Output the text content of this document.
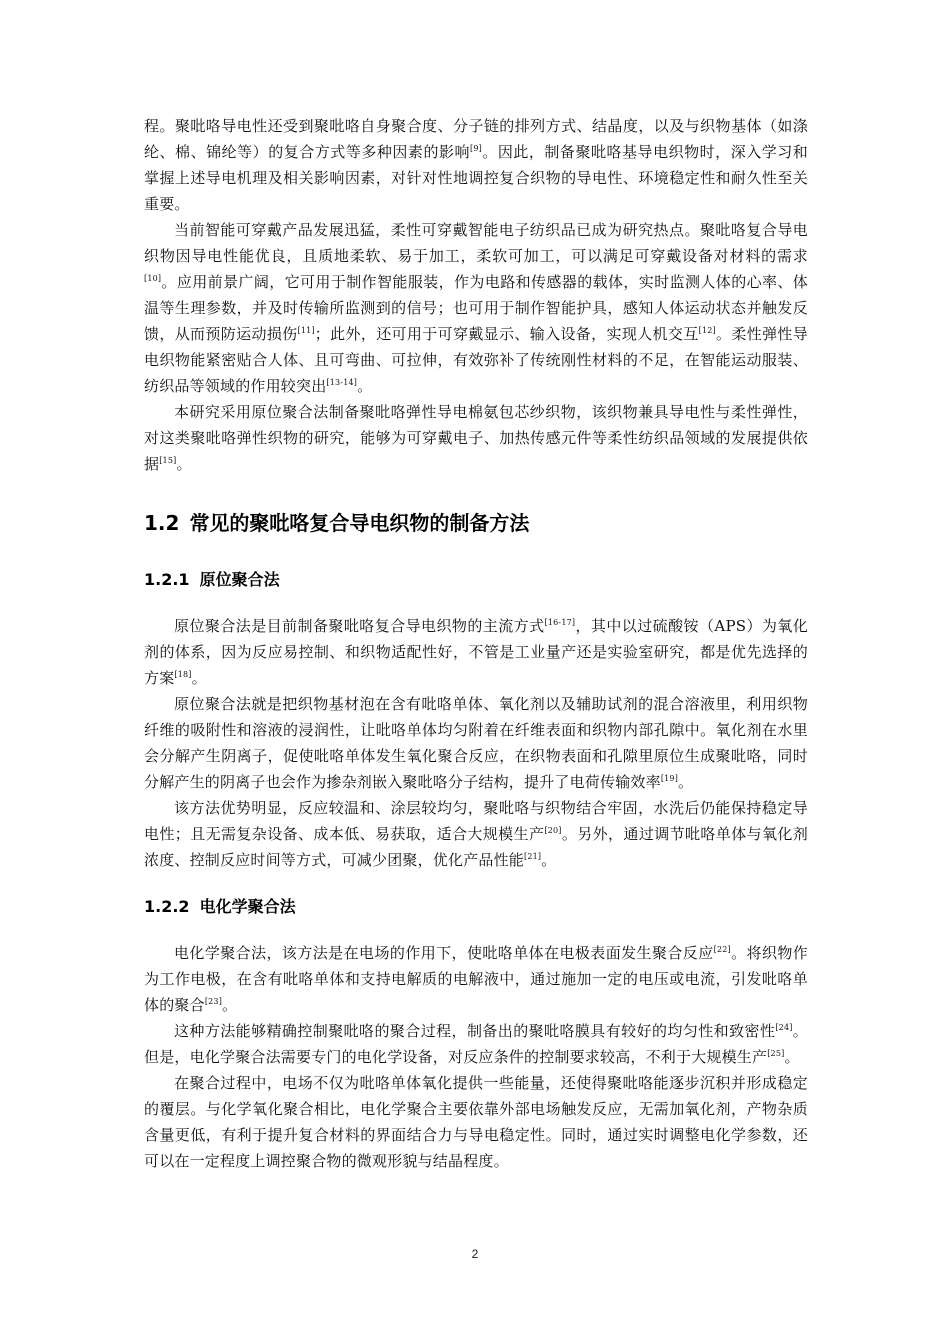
程。聚吡咯导电性还受到聚吡咯自身聚合度、分子链的排列方式、结晶度，以及与织物基体（如涤纶、棉、锦纶等）的复合方式等多种因素的影响[9]。因此，制备聚吡咯基导电织物时，深入学习和掌握上述导电机理及相关影响因素，对针对性地调控复合织物的导电性、环境稳定性和耐久性至关重要。

当前智能可穿戴产品发展迅猛，柔性可穿戴智能电子纺织品已成为研究热点。聚吡咯复合导电织物因导电性能优良，且质地柔软、易于加工，柔软可加工，可以满足可穿戴设备对材料的需求[10]。应用前景广阔，它可用于制作智能服装，作为电路和传感器的载体，实时监测人体的心率、体温等生理参数，并及时传输所监测到的信号；也可用于制作智能护具，感知人体运动状态并触发反馈，从而预防运动损伤[11]；此外，还可用于可穿戴显示、输入设备，实现人机交互[12]。柔性弹性导电织物能紧密贴合人体、且可弯曲、可拉伸，有效弥补了传统刚性材料的不足，在智能运动服装、纺织品等领域的作用较突出[13-14]。

本研究采用原位聚合法制备聚吡咯弹性导电棉氨包芯纱织物，该织物兼具导电性与柔性弹性，对这类聚吡咯弹性织物的研究，能够为可穿戴电子、加热传感元件等柔性纺织品领域的发展提供依据[15]。

1.2 常见的聚吡咯复合导电织物的制备方法
1.2.1 原位聚合法

原位聚合法是目前制备聚吡咯复合导电织物的主流方式[16-17]，其中以过硫酸铵（APS）为氧化剂的体系，因为反应易控制、和织物适配性好，不管是工业量产还是实验室研究，都是优先选择的方案[18]。

原位聚合法就是把织物基材泡在含有吡咯单体、氧化剂以及辅助试剂的混合溶液里，利用织物纤维的吸附性和溶液的浸润性，让吡咯单体均匀附着在纤维表面和织物内部孔隙中。氧化剂在水里会分解产生阴离子，促使吡咯单体发生氧化聚合反应，在织物表面和孔隙里原位生成聚吡咯，同时分解产生的阴离子也会作为掺杂剂嵌入聚吡咯分子结构，提升了电荷传输效率[19]。

该方法优势明显，反应较温和、涂层较均匀，聚吡咯与织物结合牢固，水洗后仍能保持稳定导电性；且无需复杂设备、成本低、易获取，适合大规模生产[20]。另外，通过调节吡咯单体与氧化剂浓度、控制反应时间等方式，可减少团聚，优化产品性能[21]。

1.2.2 电化学聚合法

电化学聚合法，该方法是在电场的作用下，使吡咯单体在电极表面发生聚合反应[22]。将织物作为工作电极，在含有吡咯单体和支持电解质的电解液中，通过施加一定的电压或电流，引发吡咯单体的聚合[23]。

这种方法能够精确控制聚吡咯的聚合过程，制备出的聚吡咯膜具有较好的均匀性和致密性[24]。但是，电化学聚合法需要专门的电化学设备，对反应条件的控制要求较高，不利于大规模生产[25]。

在聚合过程中，电场不仅为吡咯单体氧化提供一些能量，还使得聚吡咯能逐步沉积并形成稳定的覆层。与化学氧化聚合相比，电化学聚合主要依靠外部电场触发反应，无需加氧化剂，产物杂质含量更低，有利于提升复合材料的界面结合力与导电稳定性。同时，通过实时调整电化学参数，还可以在一定程度上调控聚合物的微观形貌与结晶程度。

2
